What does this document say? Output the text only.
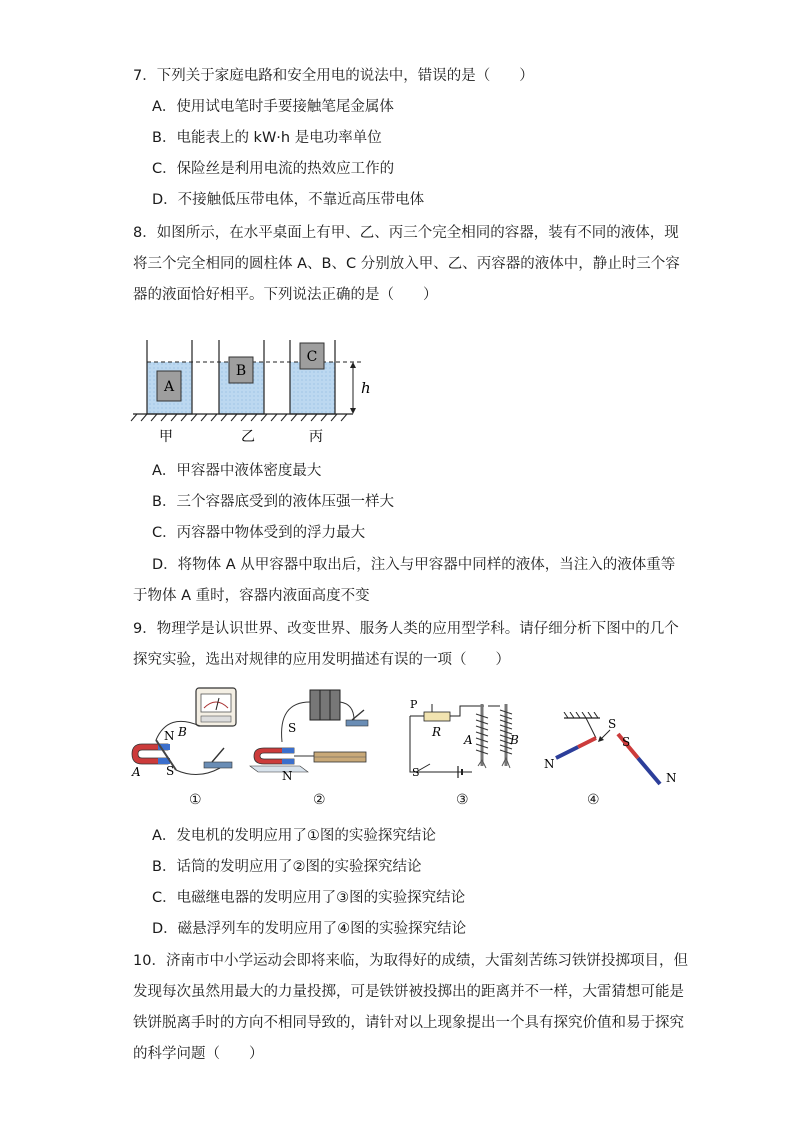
7．下列关于家庭电路和安全用电的说法中，错误的是（　　）
A．使用试电笔时手要接触笔尾金属体
B．电能表上的 kW·h 是电功率单位
C．保险丝是利用电流的热效应工作的
D．不接触低压带电体，不靠近高压带电体
8．如图所示，在水平桌面上有甲、乙、丙三个完全相同的容器，装有不同的液体，现
将三个完全相同的圆柱体 A、B、C 分别放入甲、乙、丙容器的液体中，静止时三个容
器的液面恰好相平。下列说法正确的是（　　）
A
B
C
h
甲	乙	丙
A．甲容器中液体密度最大
B．三个容器底受到的液体压强一样大
C．丙容器中物体受到的浮力最大
D．将物体 A 从甲容器中取出后，注入与甲容器中同样的液体，当注入的液体重等
于物体 A 重时，容器内液面高度不变
9．物理学是认识世界、改变世界、服务人类的应用型学科。请仔细分析下图中的几个
探究实验，选出对规律的应用发明描述有误的一项（　　）
N B
A S
①
S
N
②
P
R
A	B
S
③
S
N
S
N
④
A．发电机的发明应用了①图的实验探究结论
B．话筒的发明应用了②图的实验探究结论
C．电磁继电器的发明应用了③图的实验探究结论
D．磁悬浮列车的发明应用了④图的实验探究结论
10．济南市中小学运动会即将来临，为取得好的成绩，大雷刻苦练习铁饼投掷项目，但
发现每次虽然用最大的力量投掷，可是铁饼被投掷出的距离并不一样，大雷猜想可能是
铁饼脱离手时的方向不相同导致的，请针对以上现象提出一个具有探究价值和易于探究
的科学问题（　　）
